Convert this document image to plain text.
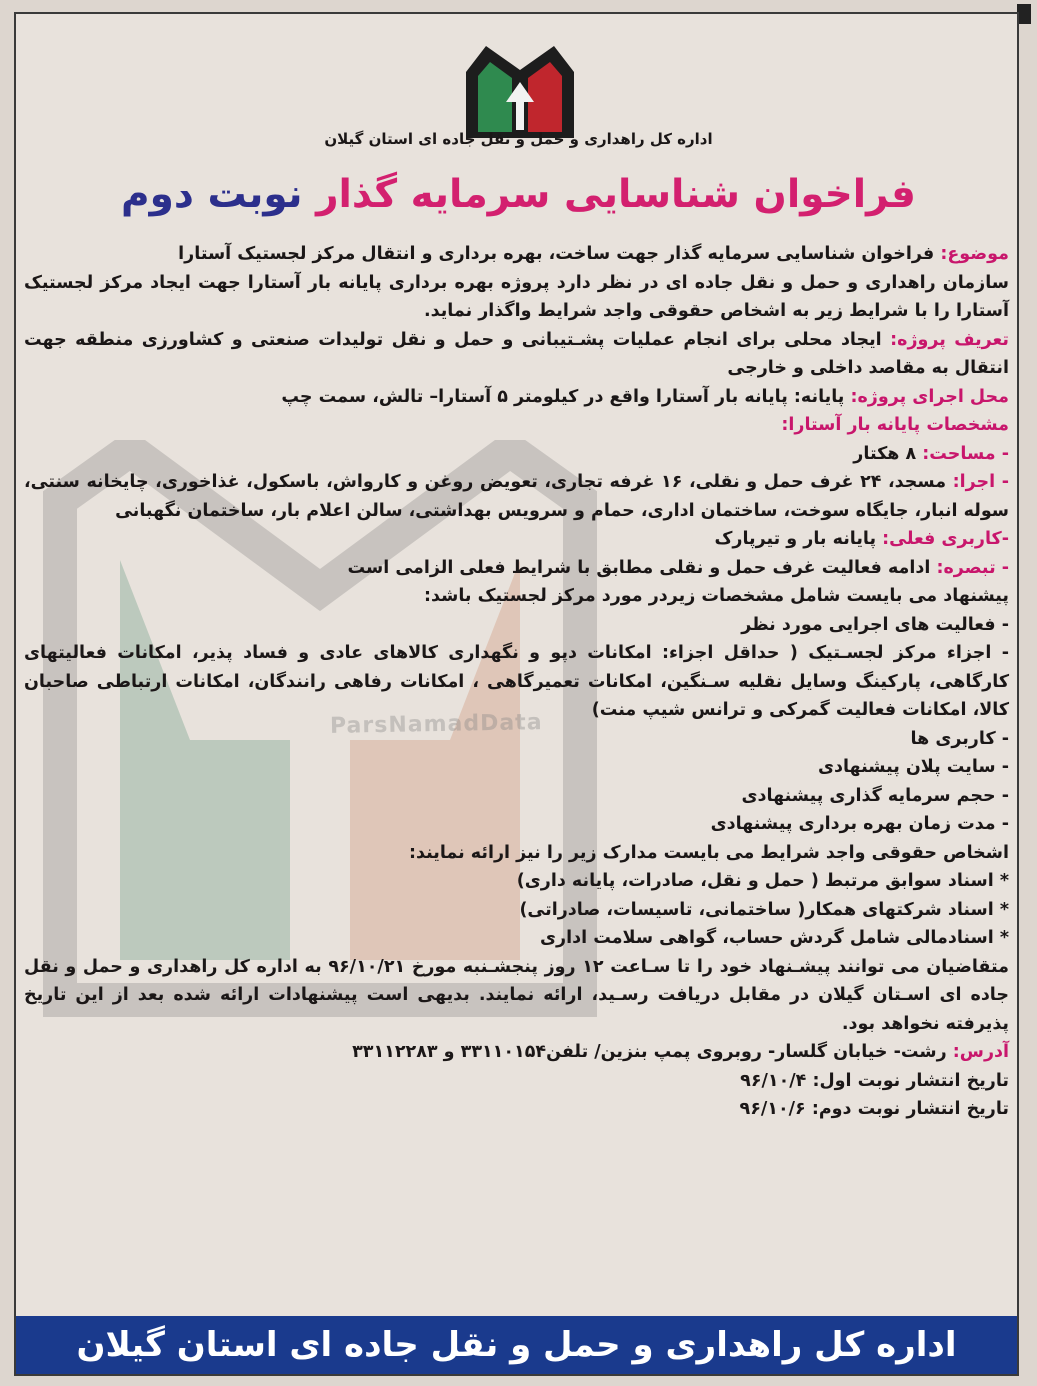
ParsNamadData
اداره کل راهداری و حمل و نقل جاده ای استان گیلان
فراخوان شناسایی سرمایه گذار نوبت دوم

موضوع: فراخوان شناسایی سرمایه گذار جهت ساخت، بهره برداری و انتقال مرکز لجستیک آستارا

سازمان راهداری و حمل و نقل جاده ای در نظر دارد پروژه بهره برداری پایانه بار آستارا جهت ایجاد مرکز لجستیک آستارا را با شرایط زیر به اشخاص حقوقی واجد شرایط واگذار نماید.

تعریف پروژه: ایجاد محلی برای انجام عملیات پشـتیبانی و حمل و نقل تولیدات صنعتی و کشاورزی منطقه جهت انتقال به مقاصد داخلی و خارجی

محل اجرای پروژه: پایانه: پایانه بار آستارا واقع در کیلومتر ۵ آستارا– تالش، سمت چپ

مشخصات پایانه بار آستارا:

- مساحت: ۸ هکتار

- اجرا: مسجد، ۲۴ غرف حمل و نقلی، ۱۶ غرفه تجاری، تعویض روغن و کارواش، باسکول، غذاخوری، چایخانه سنتی، سوله انبار، جایگاه سوخت، ساختمان اداری، حمام و سرویس بهداشتی، سالن اعلام بار، ساختمان نگهبانی

-کاربری فعلی: پایانه بار و تیرپارک

- تبصره: ادامه فعالیت غرف حمل و نقلی مطابق با شرایط فعلی الزامی است

پیشنهاد می بایست شامل مشخصات زیردر مورد مرکز لجستیک باشد:

- فعالیت های اجرایی مورد نظر

- اجزاء مرکز لجسـتیک ( حداقل اجزاء: امکانات دپو و نگهداری کالاهای عادی و فساد پذیر، امکانات فعالیتهای کارگاهی، پارکینگ وسایل نقلیه سـنگین، امکانات تعمیرگاهی ، امکانات رفاهی رانندگان، امکانات ارتباطی صاحبان کالا، امکانات فعالیت گمرکی و ترانس شیپ منت)

- کاربری ها

- سایت پلان پیشنهادی

- حجم سرمایه گذاری پیشنهادی

- مدت زمان بهره برداری پیشنهادی

اشخاص حقوقی واجد شرایط می بایست مدارک زیر را نیز ارائه نمایند:

* اسناد سوابق مرتبط ( حمل و نقل، صادرات، پایانه داری)

* اسناد شرکتهای همکار( ساختمانی، تاسیسات، صادراتی)

* اسنادمالی شامل گردش حساب، گواهی سلامت اداری

متقاضیان می توانند پیشـنهاد خود را تا سـاعت ۱۲ روز پنجشـنبه مورخ ۹۶/۱۰/۲۱ به اداره کل راهداری و حمل و نقل جاده ای اسـتان گیلان در مقابل دریافت رسـید، ارائه نمایند. بدیهی است پیشنهادات ارائه شده بعد از این تاریخ پذیرفته نخواهد بود.

آدرس: رشت- خیابان گلسار- روبروی پمپ بنزین/ تلفن۳۳۱۱۰۱۵۴ و ۳۳۱۱۲۲۸۳

تاریخ انتشار نوبت اول: ۹۶/۱۰/۴

تاریخ انتشار نوبت دوم: ۹۶/۱۰/۶

اداره کل راهداری و حمل و نقل جاده ای استان گیلان
